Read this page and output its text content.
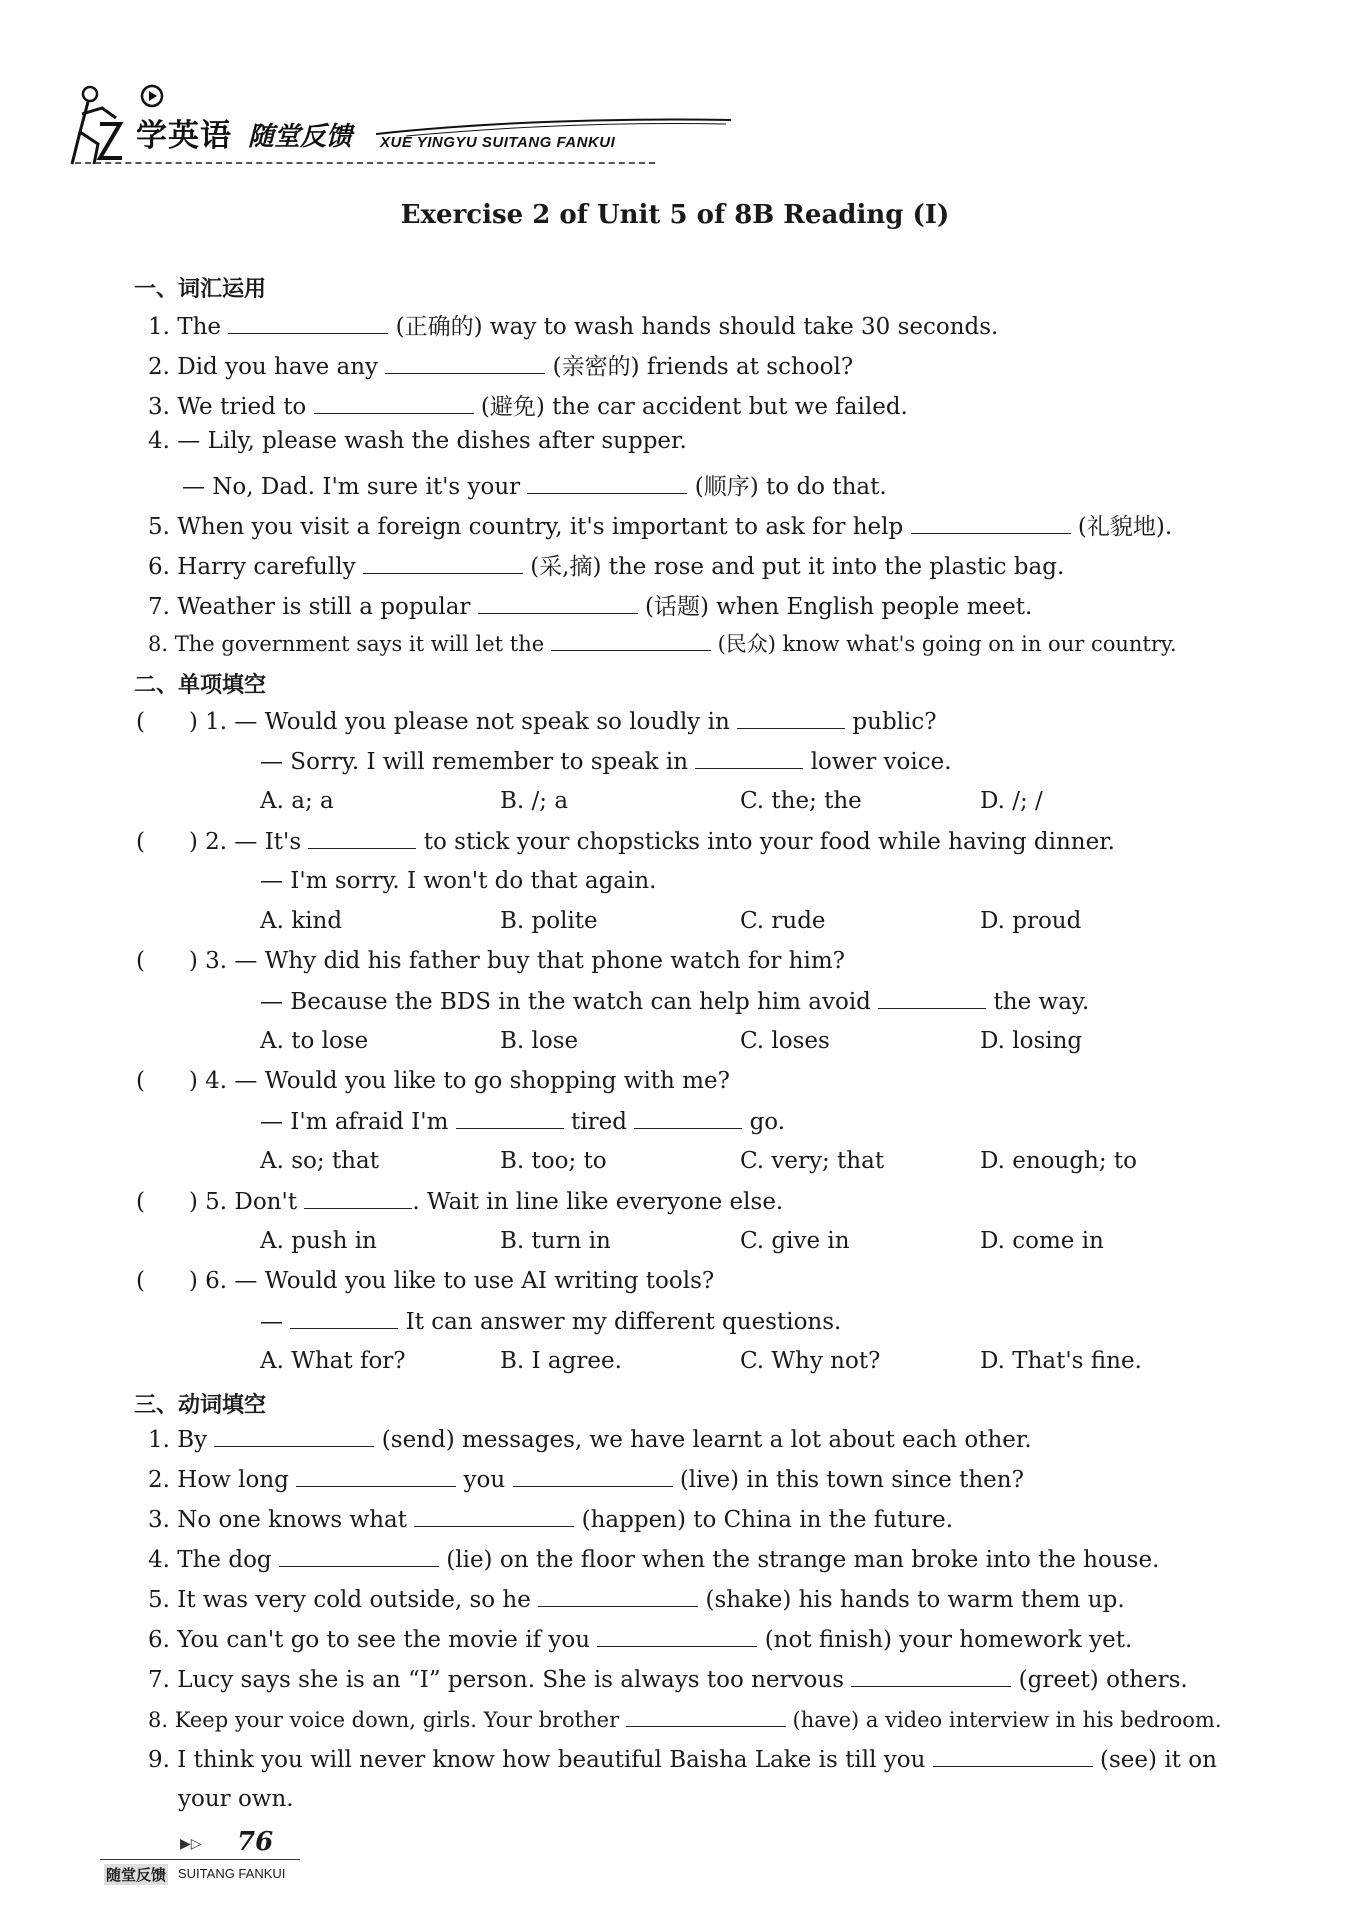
学英语 随堂反馈 XUE YINGYU SUITANG FANKUI
Exercise 2 of Unit 5 of 8B Reading (Ⅰ)
一、词汇运用
1. The	(正确的) way to wash hands should take 30 seconds.
2. Did you have any	(亲密的) friends at school?
3. We tried to	(避免) the car accident but we failed.
4. — Lily, please wash the dishes after supper.
— No, Dad. I'm sure it's your	(顺序) to do that.
5. When you visit a foreign country, it's important to ask for help	(礼貌地).
6. Harry carefully	(采,摘) the rose and put it into the plastic bag.
7. Weather is still a popular	(话题) when English people meet.
8. The government says it will let the	(民众) know what's going on in our country.
二、单项填空
(      ) 1. — Would you please not speak so loudly in	public?
— Sorry. I will remember to speak in	lower voice.
A. a; a	B. /; a	C. the; the	D. /; /
(      ) 2. — It's	to stick your chopsticks into your food while having dinner.
— I'm sorry. I won't do that again.
A. kind	B. polite	C. rude	D. proud
(      ) 3. — Why did his father buy that phone watch for him?
— Because the BDS in the watch can help him avoid	the way.
A. to lose	B. lose	C. loses	D. losing
(      ) 4. — Would you like to go shopping with me?
— I'm afraid I'm	tired	go.
A. so; that	B. too; to	C. very; that	D. enough; to
(      ) 5. Don't	. Wait in line like everyone else.
A. push in	B. turn in	C. give in	D. come in
(      ) 6. — Would you like to use AI writing tools?
—	It can answer my different questions.
A. What for?	B. I agree.	C. Why not?	D. That's fine.
三、动词填空
1. By	(send) messages, we have learnt a lot about each other.
2. How long	you	(live) in this town since then?
3. No one knows what	(happen) to China in the future.
4. The dog	(lie) on the floor when the strange man broke into the house.
5. It was very cold outside, so he	(shake) his hands to warm them up.
6. You can't go to see the movie if you	(not finish) your homework yet.
7. Lucy says she is an “I” person. She is always too nervous	(greet) others.
8. Keep your voice down, girls. Your brother	(have) a video interview in his bedroom.
9. I think you will never know how beautiful Baisha Lake is till you	(see) it on
your own.
▶▷ 76
随堂反馈 SUITANG FANKUI
